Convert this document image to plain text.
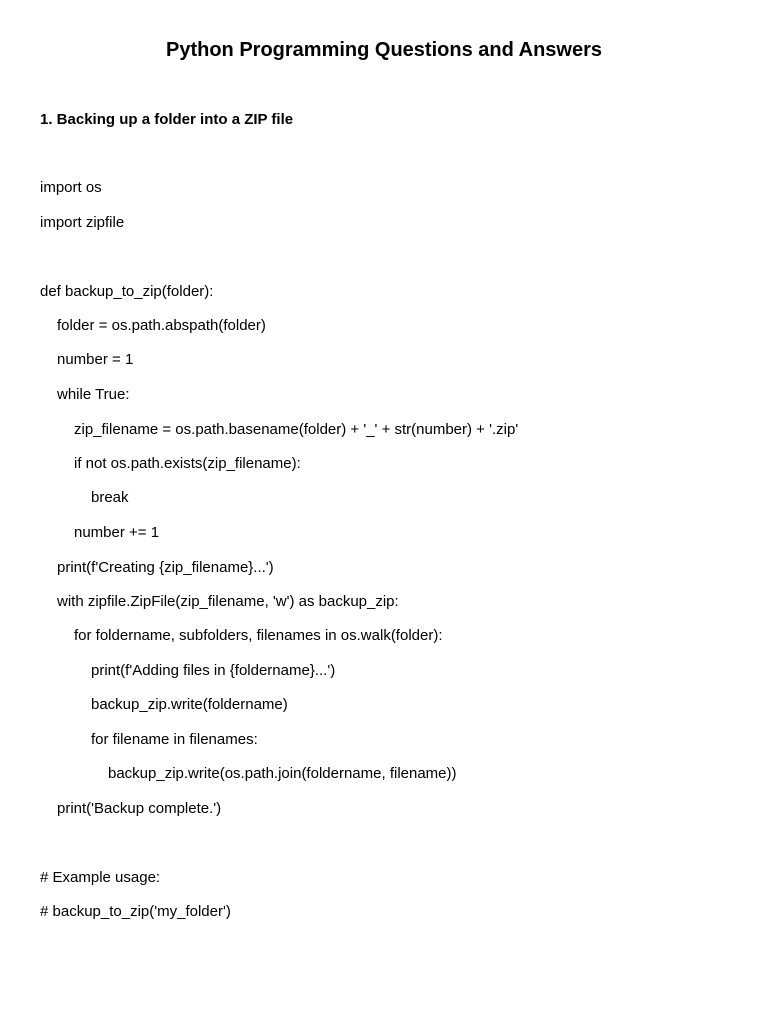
Python Programming Questions and Answers

1. Backing up a folder into a ZIP file

import os

import zipfile

def backup_to_zip(folder):

folder = os.path.abspath(folder)

number = 1

while True:

zip_filename = os.path.basename(folder) + '_' + str(number) + '.zip'

if not os.path.exists(zip_filename):

break

number += 1

print(f'Creating {zip_filename}...')

with zipfile.ZipFile(zip_filename, 'w') as backup_zip:

for foldername, subfolders, filenames in os.walk(folder):

print(f'Adding files in {foldername}...')

backup_zip.write(foldername)

for filename in filenames:

backup_zip.write(os.path.join(foldername, filename))

print('Backup complete.')

# Example usage:

# backup_to_zip('my_folder')
